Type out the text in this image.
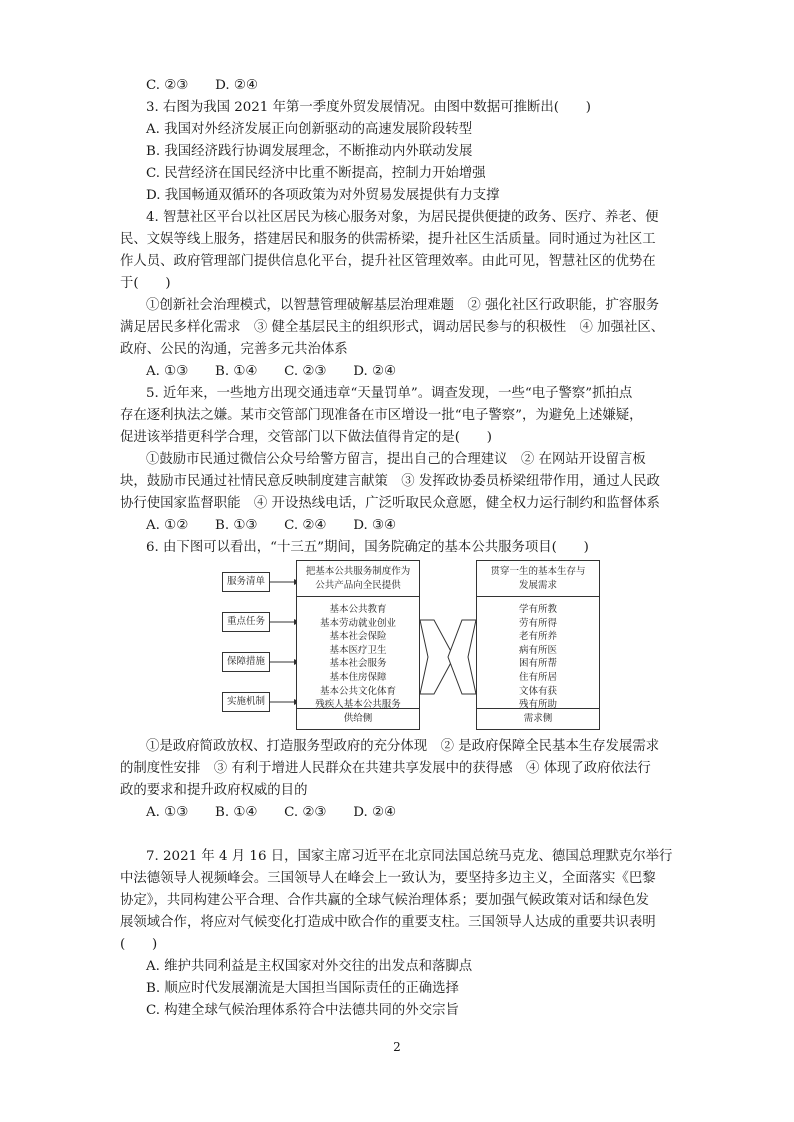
C. ②③　　D. ②④
3. 右图为我国 2021 年第一季度外贸发展情况。由图中数据可推断出(　　)
A. 我国对外经济发展正向创新驱动的高速发展阶段转型
B. 我国经济践行协调发展理念，不断推动内外联动发展
C. 民营经济在国民经济中比重不断提高，控制力开始增强
D. 我国畅通双循环的各项政策为对外贸易发展提供有力支撑
4. 智慧社区平台以社区居民为核心服务对象，为居民提供便捷的政务、医疗、养老、便
民、文娱等线上服务，搭建居民和服务的供需桥梁，提升社区生活质量。同时通过为社区工
作人员、政府管理部门提供信息化平台，提升社区管理效率。由此可见，智慧社区的优势在
于(　　)
①创新社会治理模式，以智慧管理破解基层治理难题　② 强化社区行政职能，扩容服务
满足居民多样化需求　③ 健全基层民主的组织形式，调动居民参与的积极性　④ 加强社区、
政府、公民的沟通，完善多元共治体系
A. ①③　　B. ①④　　C. ②③　　D. ②④
5. 近年来，一些地方出现交通违章“天量罚单”。调查发现，一些“电子警察”抓拍点
存在逐利执法之嫌。某市交管部门现准备在市区增设一批“电子警察”，为避免上述嫌疑，
促进该举措更科学合理，交管部门以下做法值得肯定的是(　　)
①鼓励市民通过微信公众号给警方留言，提出自己的合理建议　② 在网站开设留言板
块，鼓励市民通过社情民意反映制度建言献策　③ 发挥政协委员桥梁纽带作用，通过人民政
协行使国家监督职能　④ 开设热线电话，广泛听取民众意愿，健全权力运行制约和监督体系
A. ①②　　B. ①③　　C. ②④　　D. ③④
6. 由下图可以看出，“十三五”期间，国务院确定的基本公共服务项目(　　)
服务清单
重点任务
保障措施
实施机制
把基本公共服务制度作为公共产品向全民提供
基本公共教育
基本劳动就业创业
基本社会保险
基本医疗卫生
基本社会服务
基本住房保障
基本公共文化体育
残疾人基本公共服务
供给侧
贯穿一生的基本生存与发展需求
学有所教
劳有所得
老有所养
病有所医
困有所帮
住有所居
文体有获
残有所助
需求侧
①是政府简政放权、打造服务型政府的充分体现　② 是政府保障全民基本生存发展需求
的制度性安排　③ 有利于增进人民群众在共建共享发展中的获得感　④ 体现了政府依法行
政的要求和提升政府权威的目的
A. ①③　　B. ①④　　C. ②③　　D. ②④
7. 2021 年 4 月 16 日，国家主席习近平在北京同法国总统马克龙、德国总理默克尔举行
中法德领导人视频峰会。三国领导人在峰会上一致认为，要坚持多边主义，全面落实《巴黎
协定》，共同构建公平合理、合作共赢的全球气候治理体系；要加强气候政策对话和绿色发
展领域合作，将应对气候变化打造成中欧合作的重要支柱。三国领导人达成的重要共识表明
(　　)
A. 维护共同利益是主权国家对外交往的出发点和落脚点
B. 顺应时代发展潮流是大国担当国际责任的正确选择
C. 构建全球气候治理体系符合中法德共同的外交宗旨
2
